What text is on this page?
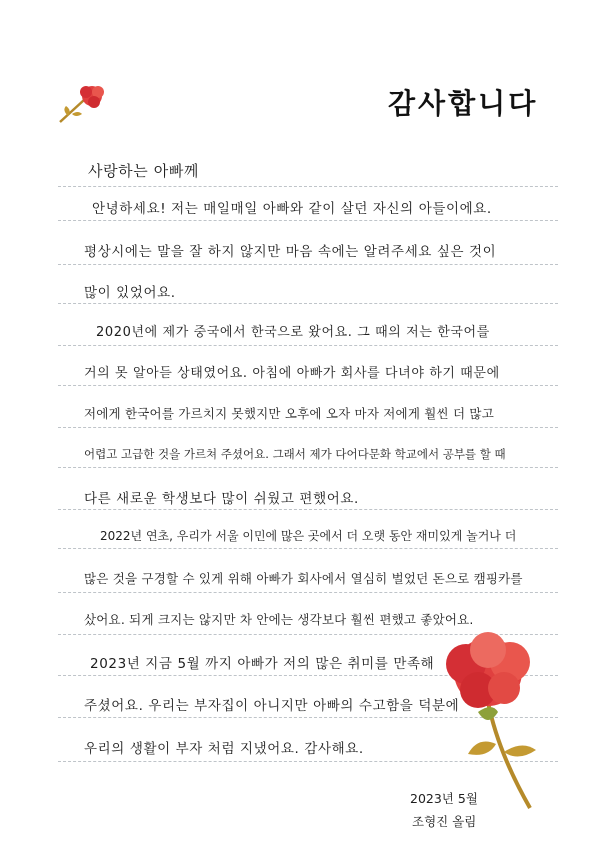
감사합니다
사랑하는 아빠께
안녕하세요! 저는 매일매일 아빠와 같이 살던 자신의 아들이에요.
평상시에는 말을 잘 하지 않지만 마음 속에는 알려주세요 싶은 것이
많이 있었어요.
2020년에 제가 중국에서 한국으로 왔어요. 그 때의 저는 한국어를
거의 못 알아듣 상태였어요. 아침에 아빠가 회사를 다녀야 하기 때문에
저에게 한국어를 가르치지 못했지만 오후에 오자 마자 저에게 훨씬 더 많고
어렵고 고급한 것을 가르쳐 주셨어요. 그래서 제가 다어다문화 학교에서 공부를 할 때
다른 새로운 학생보다 많이 쉬웠고 편했어요.
2022년 연초, 우리가 서울 이민에 많은 곳에서 더 오랫 동안 재미있게 놀거나 더
많은 것을 구경할 수 있게 위해 아빠가 회사에서 열심히 벌었던 돈으로 캠핑카를
샀어요. 되게 크지는 않지만 차 안에는 생각보다 훨씬 편했고 좋았어요.
2023년 지금 5월 까지 아빠가 저의 많은 취미를 만족해
주셨어요. 우리는 부자집이 아니지만 아빠의 수고함을 덕분에
우리의 생활이 부자 처럼 지냈어요. 감사해요.
2023년 5월
조형진 올림
